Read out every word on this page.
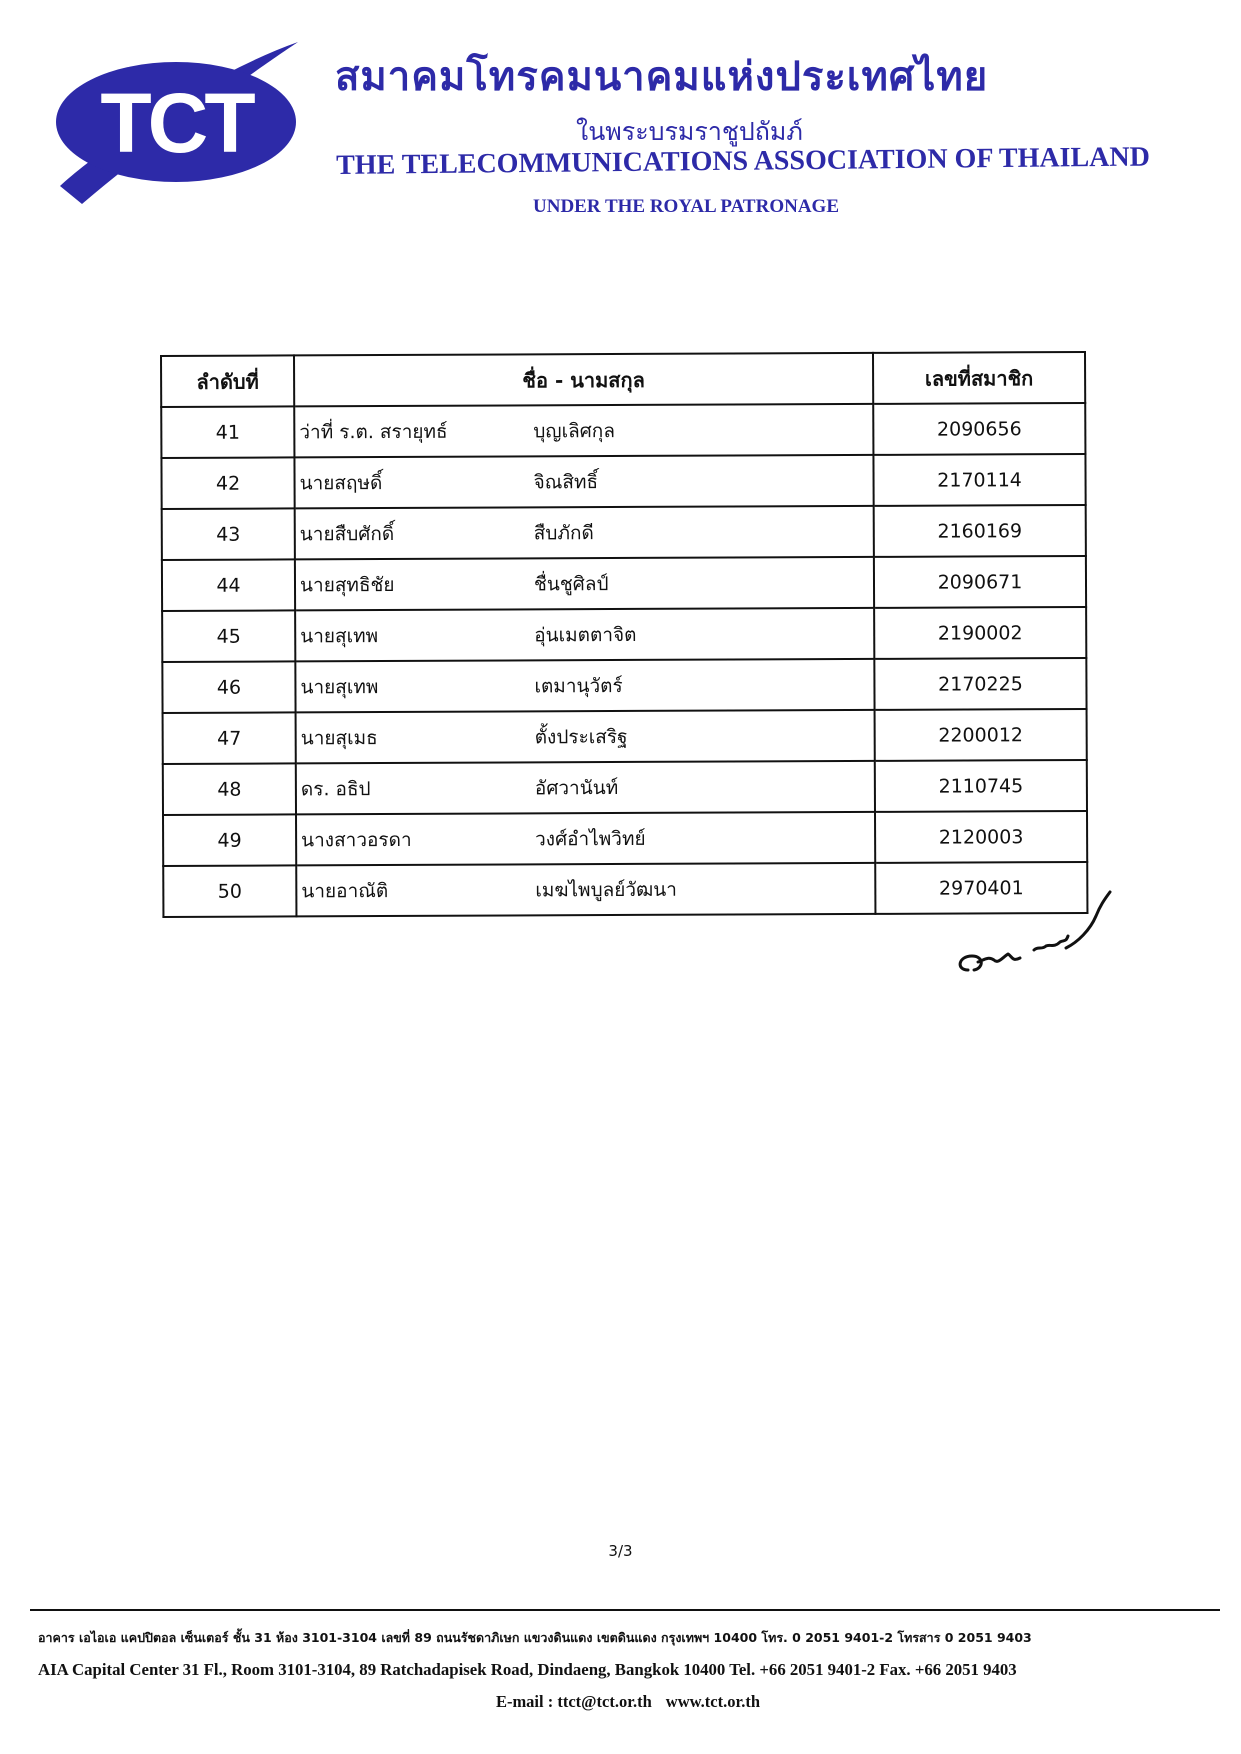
TCT สมาคมโทรคมนาคมแห่งประเทศไทย
ในพระบรมราชูปถัมภ์
THE TELECOMMUNICATIONS ASSOCIATION OF THAILAND
UNDER THE ROYAL PATRONAGE
ลำดับที่	ชื่อ - นามสกุล	เลขที่สมาชิก
41	ว่าที่ ร.ต. สรายุทธ์ บุญเลิศกุล	2090656
42	นายสฤษดิ์ จิณสิทธิ์	2170114
43	นายสืบศักดิ์ สืบภักดี	2160169
44	นายสุทธิชัย ชื่นชูศิลป์	2090671
45	นายสุเทพ อุ่นเมตตาจิต	2190002
46	นายสุเทพ เตมานุวัตร์	2170225
47	นายสุเมธ ตั้งประเสริฐ	2200012
48	ดร. อธิป อัศวานันท์	2110745
49	นางสาวอรดา วงศ์อำไพวิทย์	2120003
50	นายอาณัติ เมฆไพบูลย์วัฒนา	2970401
3/3
อาคาร เอไอเอ แคปปิตอล เซ็นเตอร์ ชั้น 31 ห้อง 3101-3104 เลขที่ 89 ถนนรัชดาภิเษก แขวงดินแดง เขตดินแดง กรุงเทพฯ 10400 โทร. 0 2051 9401-2 โทรสาร 0 2051 9403
AIA Capital Center 31 Fl., Room 3101-3104, 89 Ratchadapisek Road, Dindaeng, Bangkok 10400 Tel. +66 2051 9401-2 Fax. +66 2051 9403
E-mail : ttct@tct.or.th www.tct.or.th
